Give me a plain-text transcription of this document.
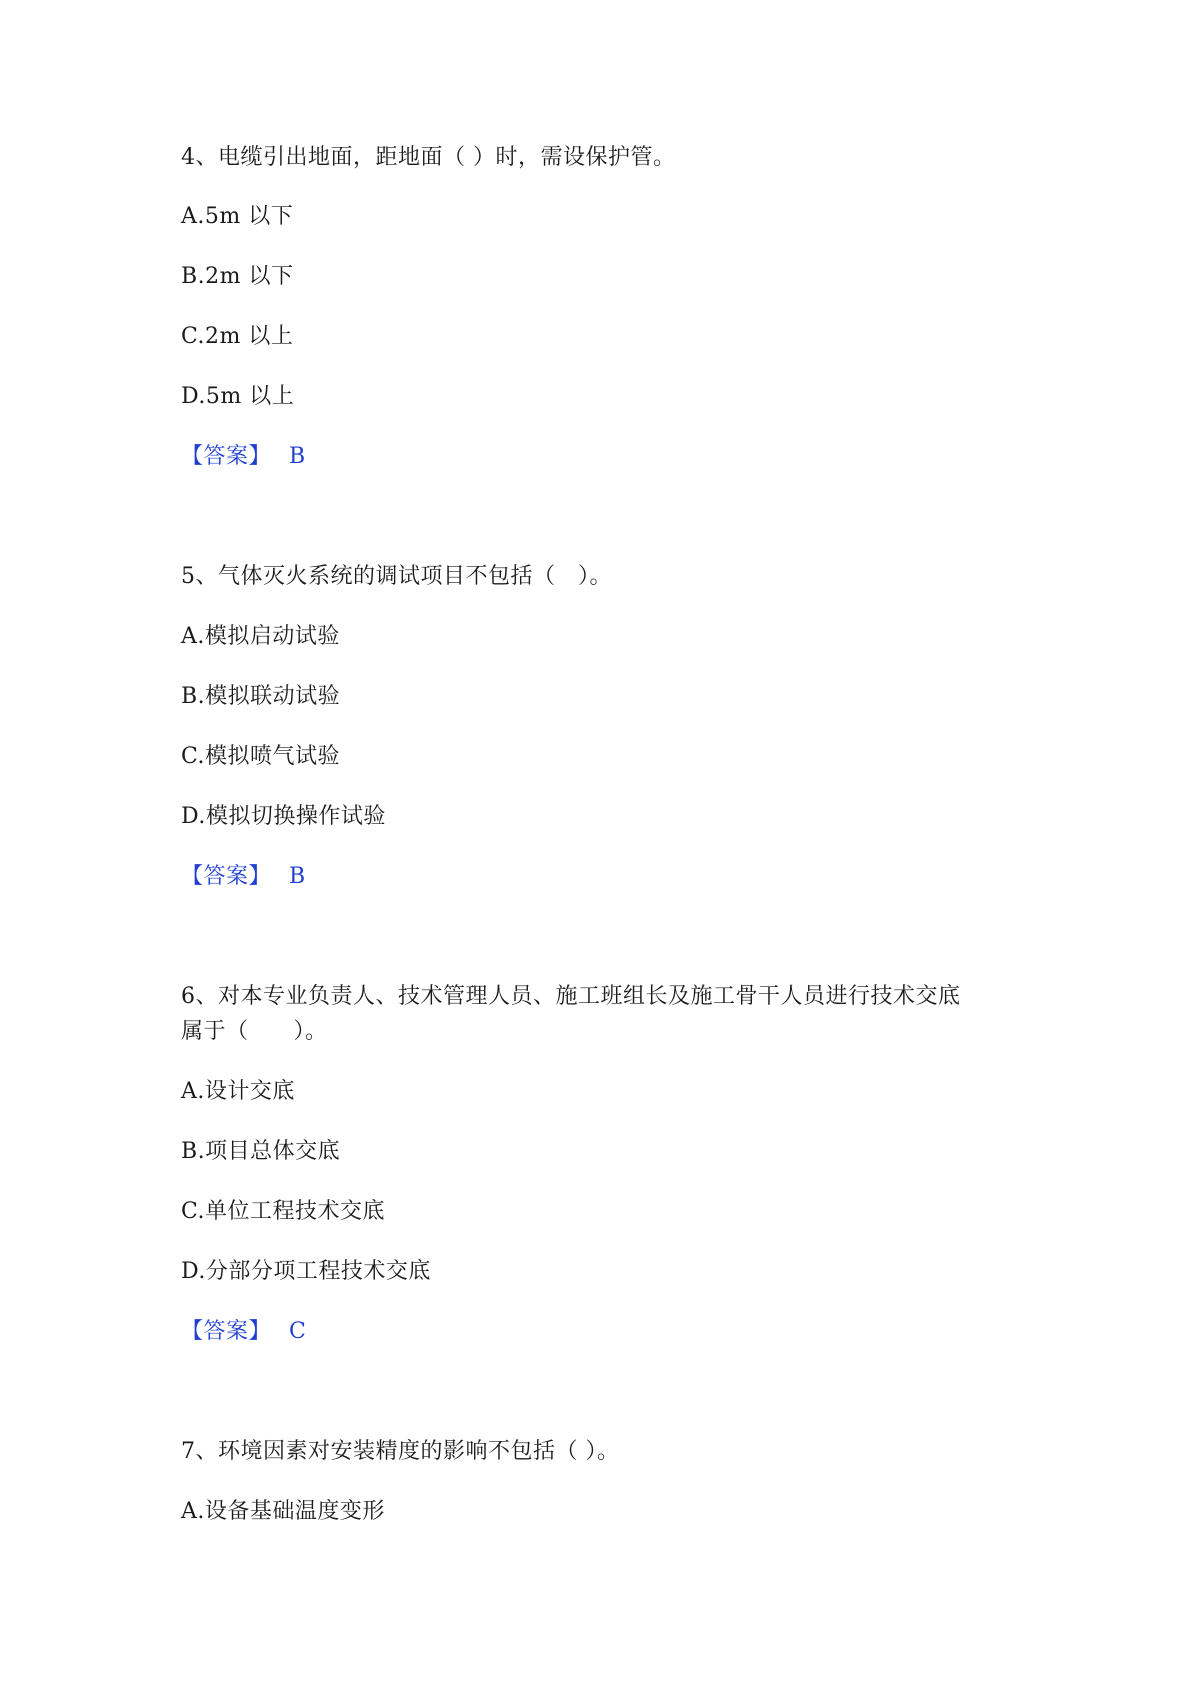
4、电缆引出地面，距地面（ ）时，需设保护管。
A.5m 以下
B.2m 以下
C.2m 以上
D.5m 以上
【答案】 B
5、气体灭火系统的调试项目不包括（　）。
A.模拟启动试验
B.模拟联动试验
C.模拟喷气试验
D.模拟切换操作试验
【答案】 B
6、对本专业负责人、技术管理人员、施工班组长及施工骨干人员进行技术交底
属于（　　）。
A.设计交底
B.项目总体交底
C.单位工程技术交底
D.分部分项工程技术交底
【答案】 C
7、环境因素对安装精度的影响不包括（ ）。
A.设备基础温度变形
